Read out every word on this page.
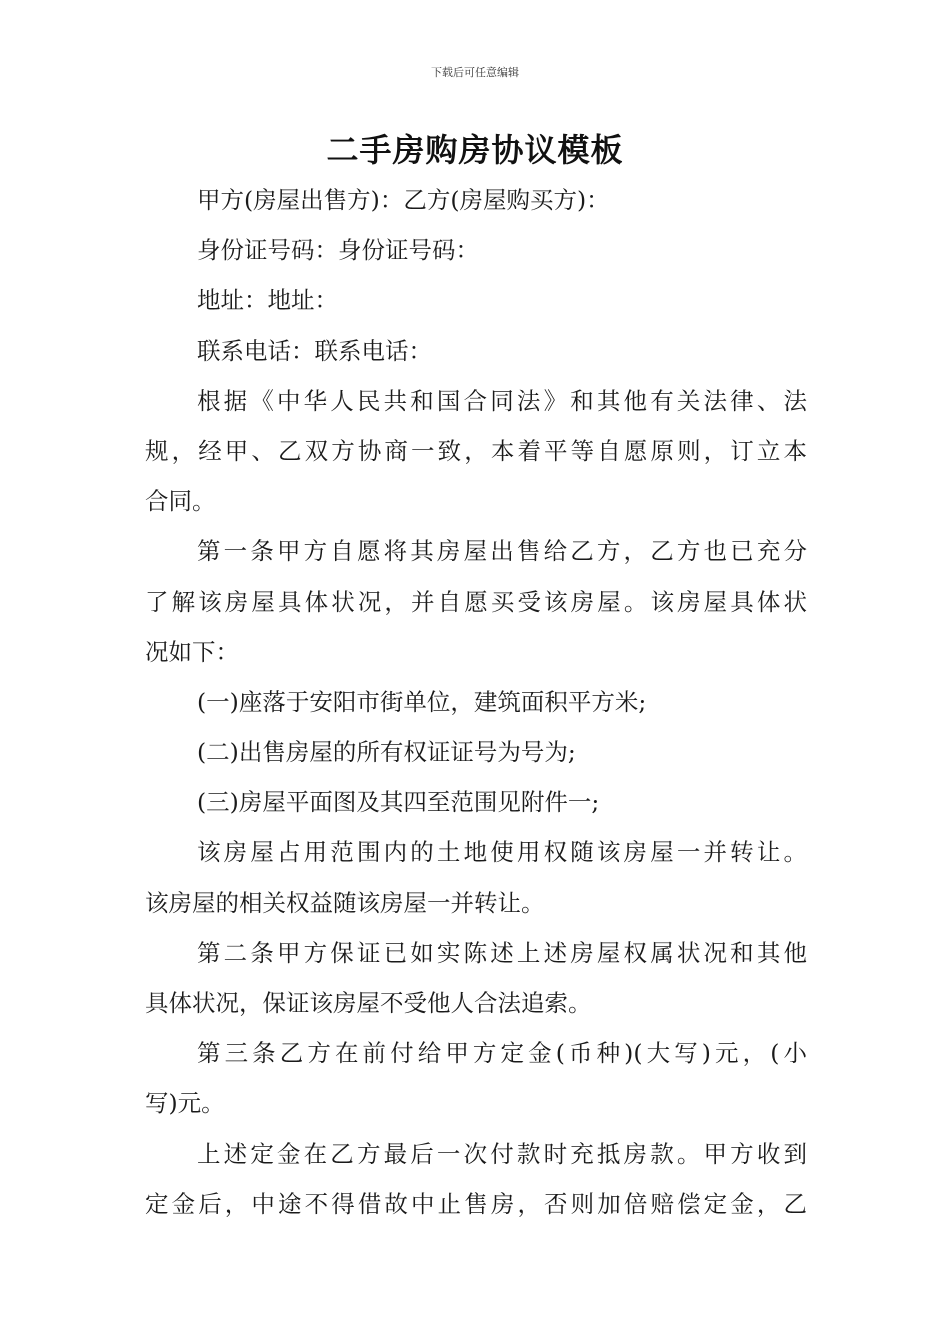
下载后可任意编辑
二手房购房协议模板
甲方(房屋出售方)：乙方(房屋购买方)：
身份证号码：身份证号码：
地址：地址：
联系电话：联系电话：
根据《中华人民共和国合同法》和其他有关法律、法
规，经甲、乙双方协商一致，本着平等自愿原则，订立本
合同。
第一条甲方自愿将其房屋出售给乙方，乙方也已充分
了解该房屋具体状况，并自愿买受该房屋。该房屋具体状
况如下：
(一)座落于安阳市街单位，建筑面积平方米;
(二)出售房屋的所有权证证号为号为;
(三)房屋平面图及其四至范围见附件一;
该房屋占用范围内的土地使用权随该房屋一并转让。
该房屋的相关权益随该房屋一并转让。
第二条甲方保证已如实陈述上述房屋权属状况和其他
具体状况，保证该房屋不受他人合法追索。
第三条乙方在前付给甲方定金(币种)(大写)元，(小
写)元。
上述定金在乙方最后一次付款时充抵房款。甲方收到
定金后，中途不得借故中止售房，否则加倍赔偿定金，乙
